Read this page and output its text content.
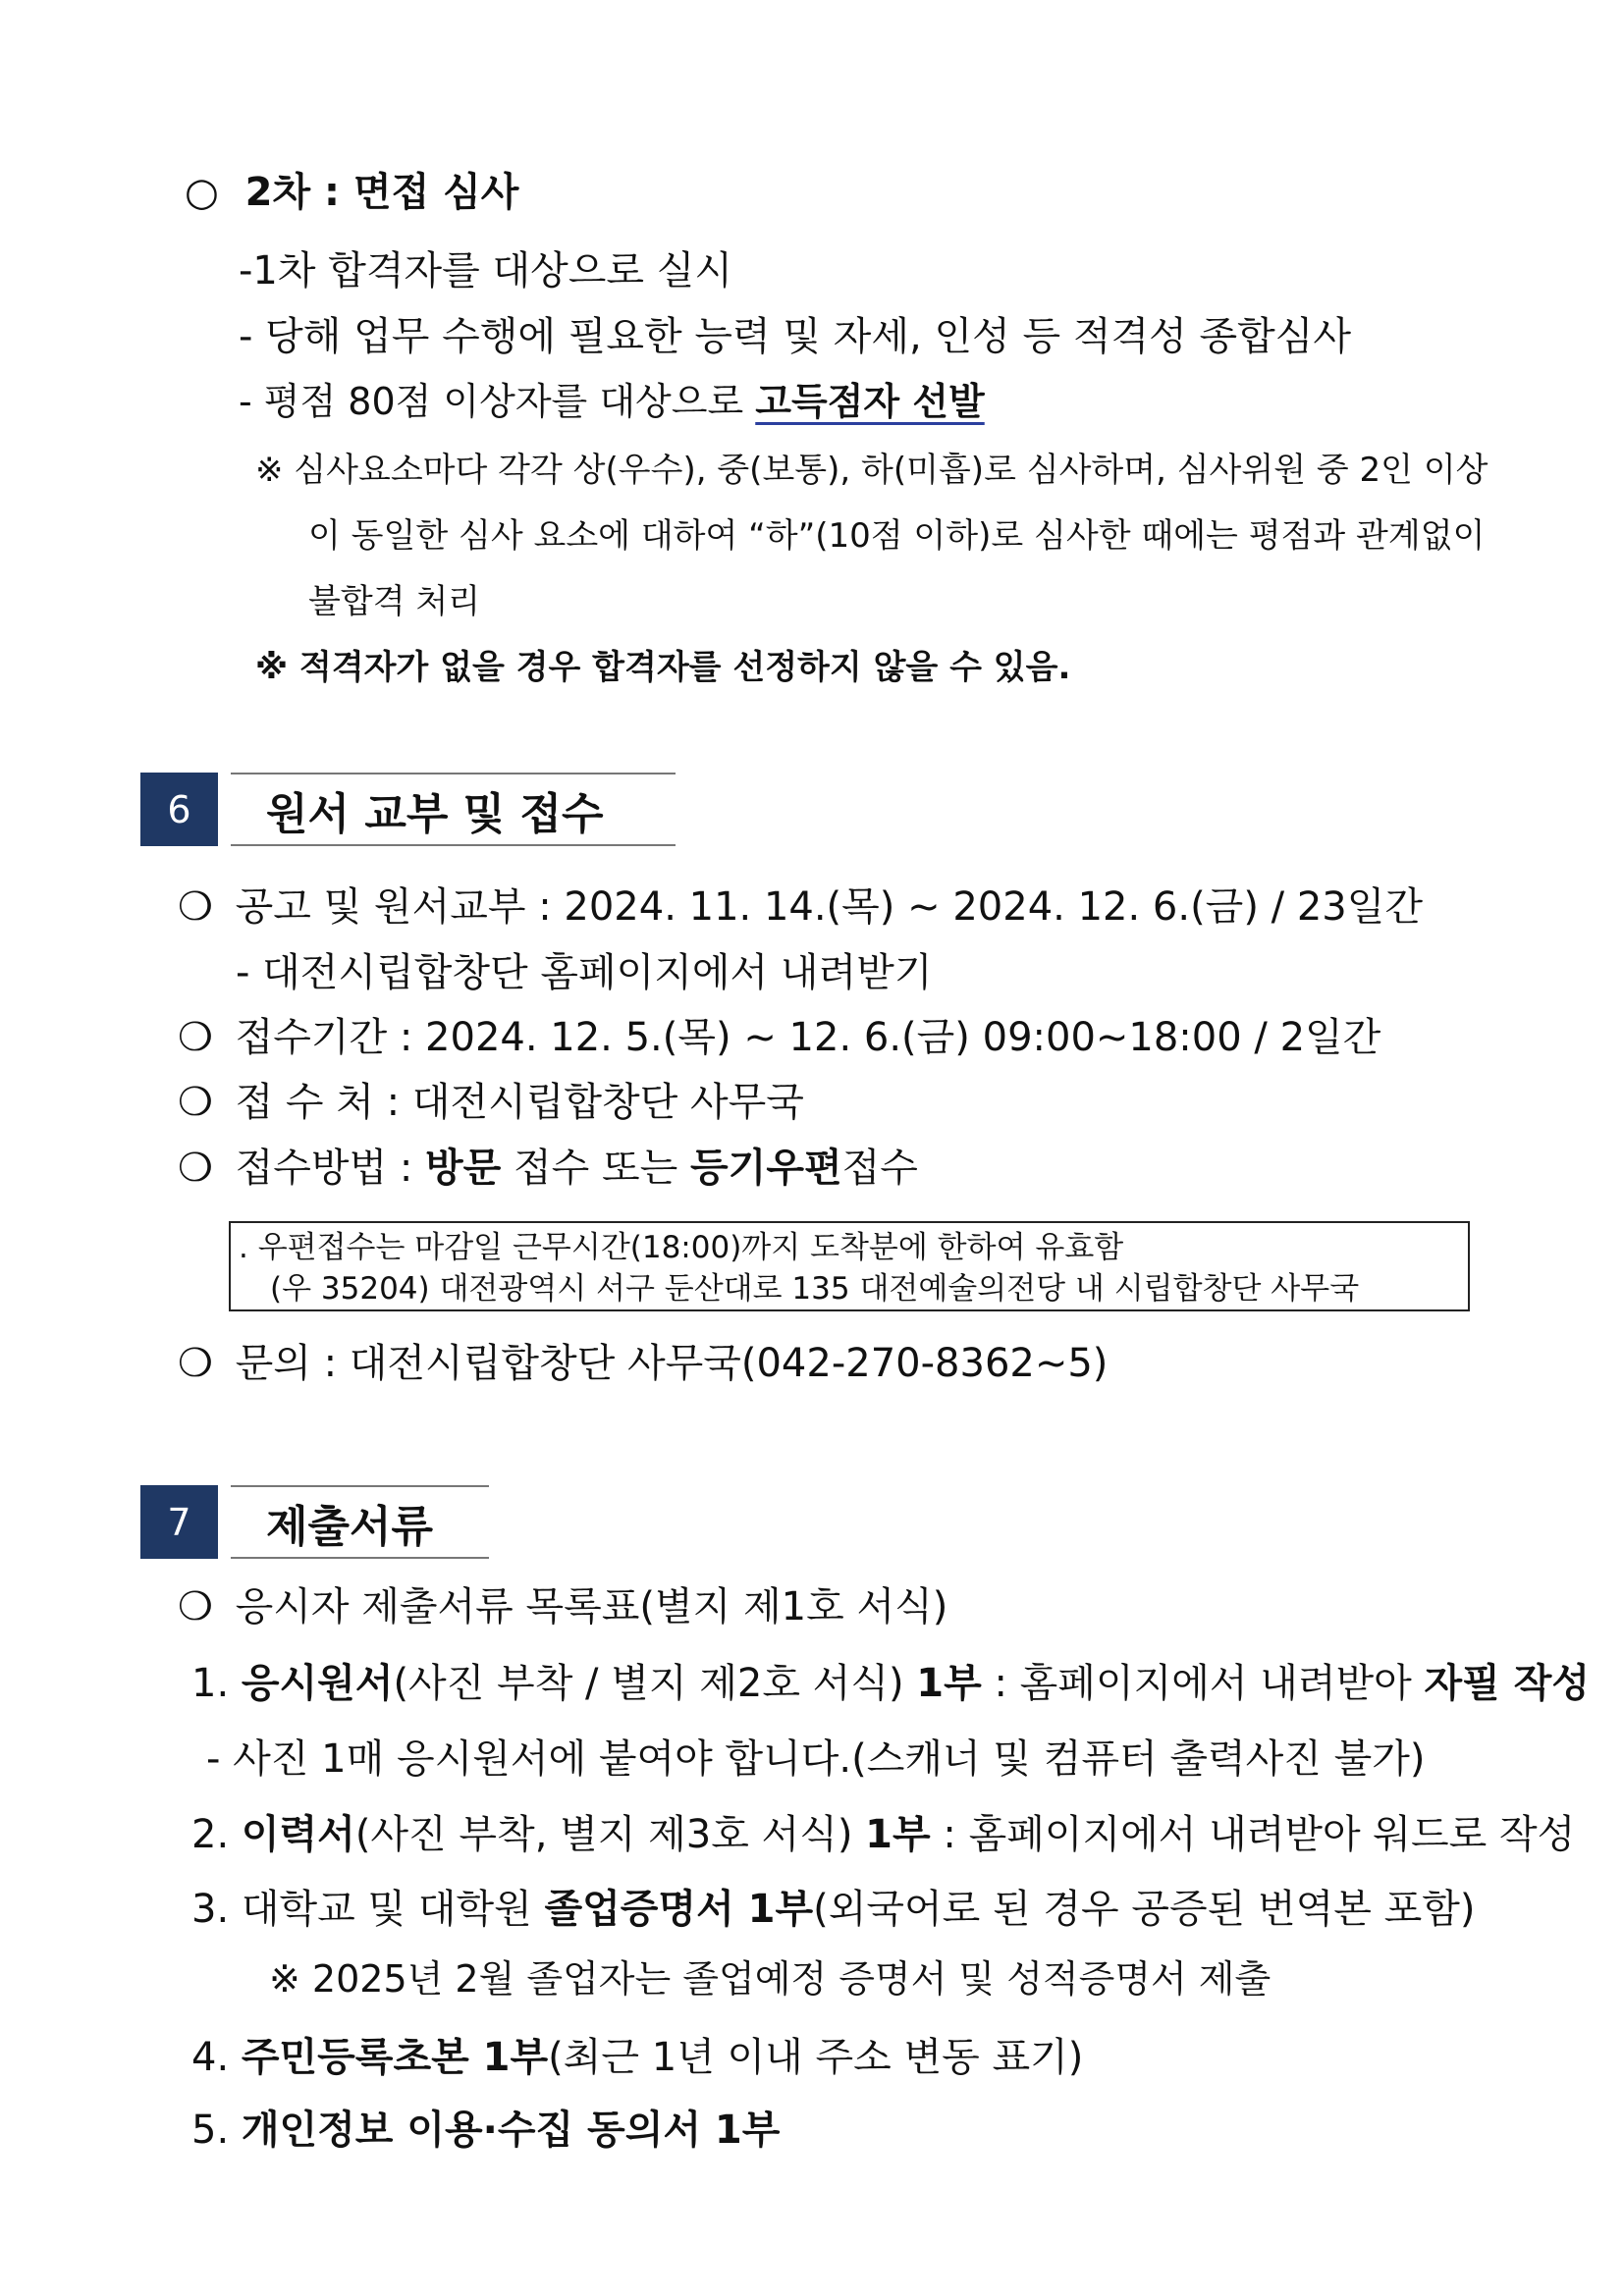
○ 2차 : 면접 심사
-1차 합격자를 대상으로 실시
- 당해 업무 수행에 필요한 능력 및 자세, 인성 등 적격성 종합심사
- 평점 80점 이상자를 대상으로 고득점자 선발
※ 심사요소마다 각각 상(우수), 중(보통), 하(미흡)로 심사하며, 심사위원 중 2인 이상
이 동일한 심사 요소에 대하여 “하”(10점 이하)로 심사한 때에는 평점과 관계없이
불합격 처리
※ 적격자가 없을 경우 합격자를 선정하지 않을 수 있음.
6	원서 교부 및 접수
❍ 공고 및 원서교부 : 2024. 11. 14.(목) ~ 2024. 12. 6.(금) / 23일간
- 대전시립합창단 홈페이지에서 내려받기
❍ 접수기간 : 2024. 12. 5.(목) ~ 12. 6.(금) 09:00~18:00 / 2일간
❍ 접 수 처 : 대전시립합창단 사무국
❍ 접수방법 : 방문 접수 또는 등기우편접수
. 우편접수는 마감일 근무시간(18:00)까지 도착분에 한하여 유효함
(우 35204) 대전광역시 서구 둔산대로 135 대전예술의전당 내 시립합창단 사무국
❍ 문의 : 대전시립합창단 사무국(042-270-8362~5)
7	제출서류
❍ 응시자 제출서류 목록표(별지 제1호 서식)
1. 응시원서(사진 부착 / 별지 제2호 서식) 1부 : 홈페이지에서 내려받아 자필 작성
- 사진 1매 응시원서에 붙여야 합니다.(스캐너 및 컴퓨터 출력사진 불가)
2. 이력서(사진 부착, 별지 제3호 서식) 1부 : 홈페이지에서 내려받아 워드로 작성
3. 대학교 및 대학원 졸업증명서 1부(외국어로 된 경우 공증된 번역본 포함)
※ 2025년 2월 졸업자는 졸업예정 증명서 및 성적증명서 제출
4. 주민등록초본 1부(최근 1년 이내 주소 변동 표기)
5. 개인정보 이용·수집 동의서 1부
